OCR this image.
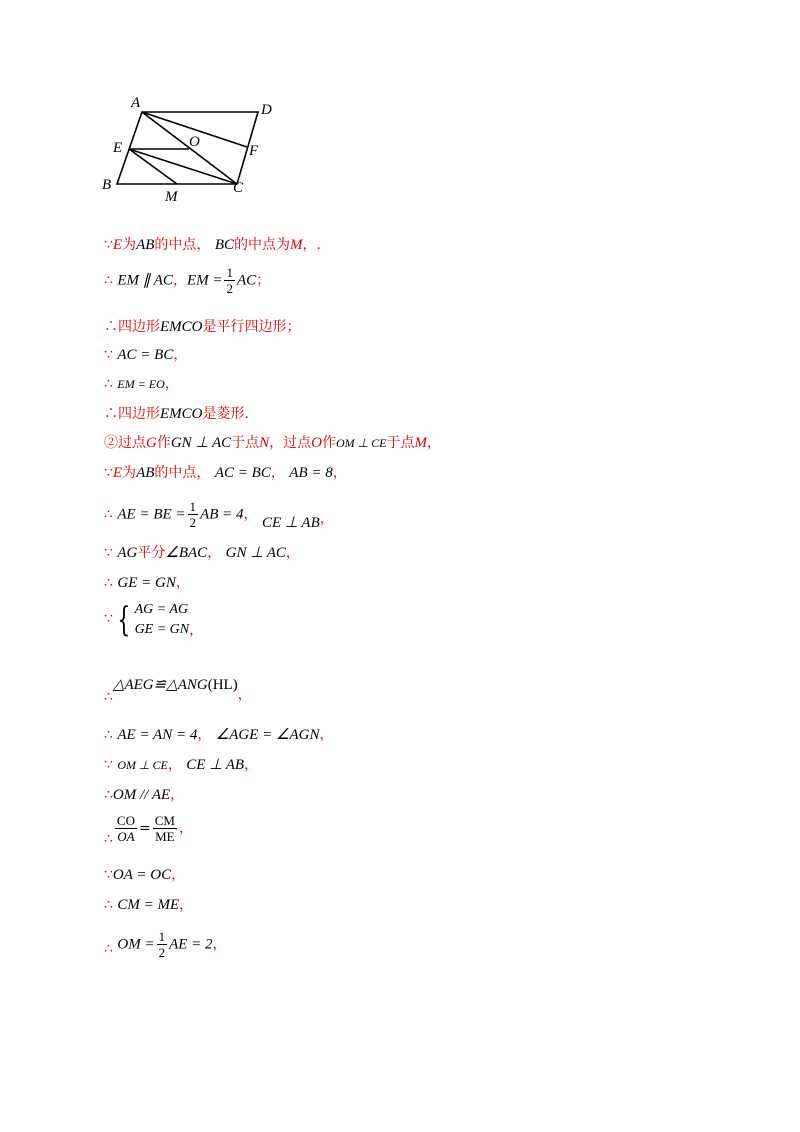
A	D
E	O
F
B
M
C
∵E为AB的中点， BC的中点为M，.
∴ EM ∥ AC，EM = $\frac{1}{2}$ AC；
∴四边形EMCO是平行四边形；
∵ AC = BC，
∴ EM = EO，
∴四边形EMCO是菱形.
②过点G作GN ⊥ AC于点N，过点O作OM ⊥ CE于点M，
∵E为AB的中点， AC = BC， AB = 8，
∴ AE = BE = $\frac{1}{2}$ AB = 4， CE ⊥ AB，
∵ AG平分∠BAC， GN ⊥ AC，
∴ GE = GN，
∵ { AG = AG
GE = GN ，
∴△AEG≌△ANG(HL)，
∴ AE = AN = 4， ∠AGE = ∠AGN，
∵ OM ⊥ CE， CE ⊥ AB，
∴OM // AE，
∴ $\frac{CO}{OA} = \frac{CM}{ME}$ ，
∵OA = OC，
∴ CM = ME，
∴ OM = $\frac{1}{2}$ AE = 2，
